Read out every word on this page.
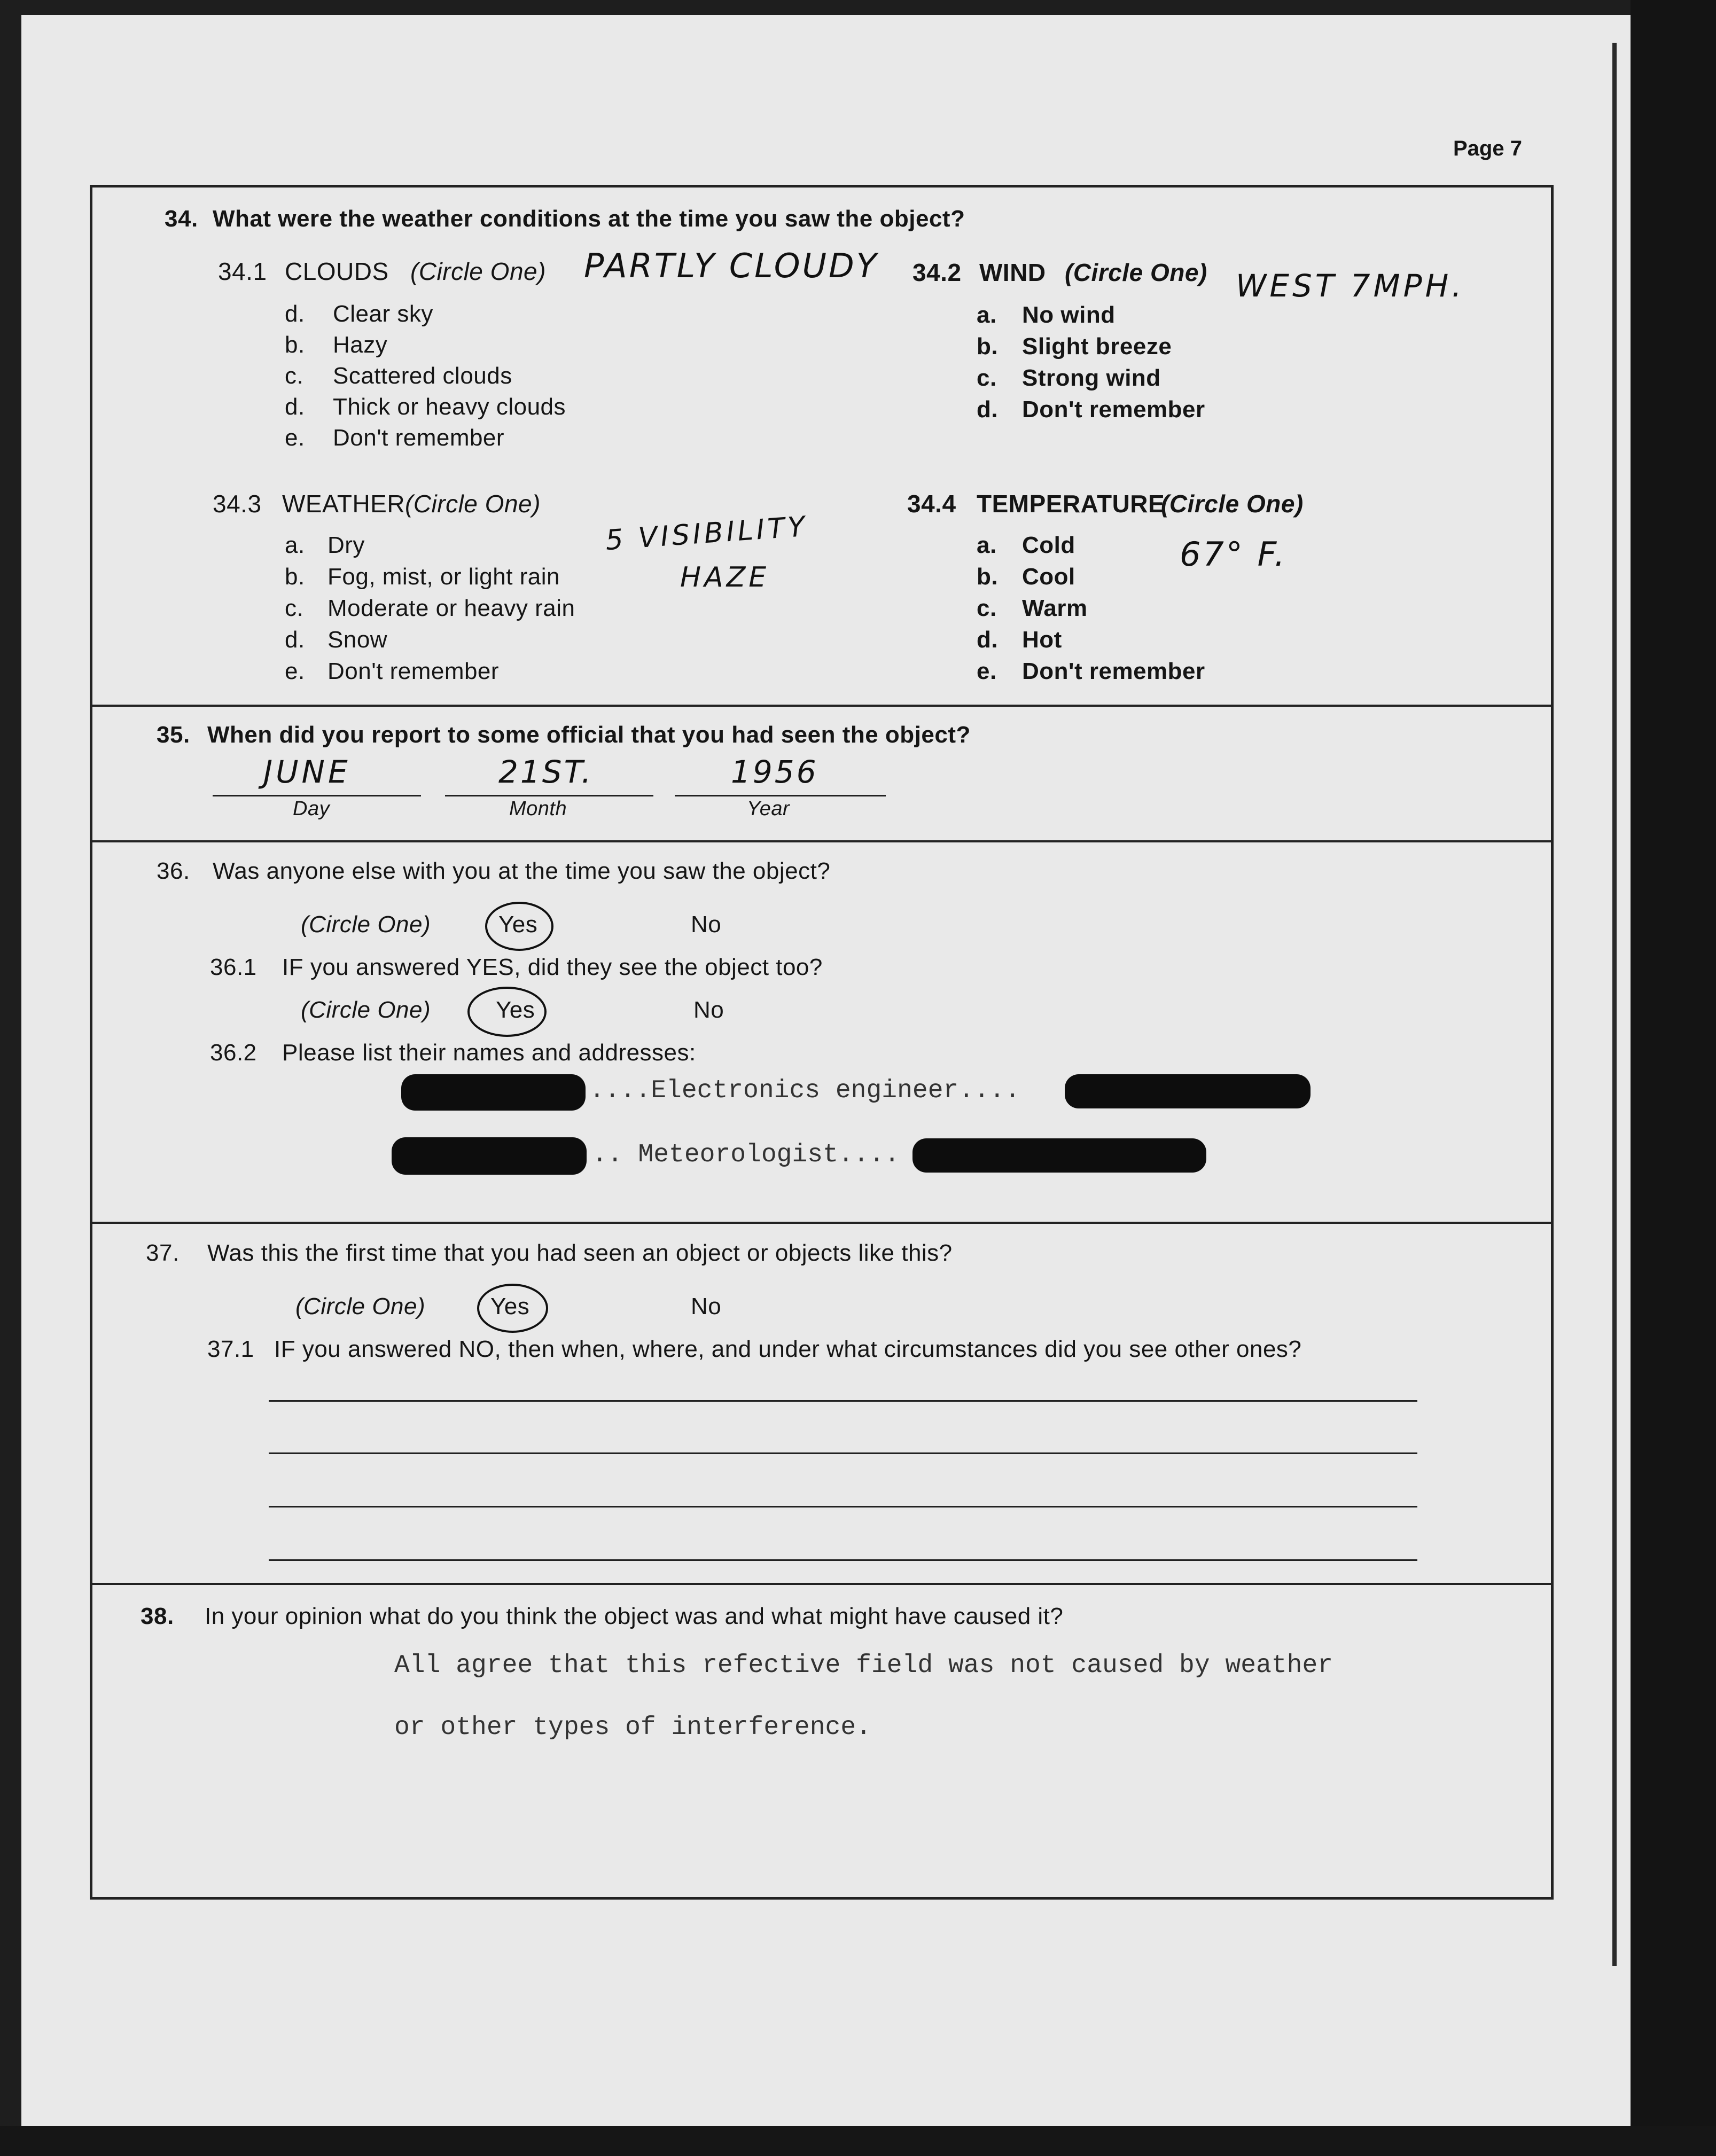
Page 7
34. What were the weather conditions at the time you saw the object?
34.1 CLOUDS (Circle One) PARTLY CLOUDY
d. Clear sky
b. Hazy
c. Scattered clouds
d. Thick or heavy clouds
e. Don't remember
34.2 WIND (Circle One) WEST 7MPH.
a. No wind
b. Slight breeze
c. Strong wind
d. Don't remember
34.3 WEATHER (Circle One)
5 VISIBILITY
HAZE
a. Dry
b. Fog, mist, or light rain
c. Moderate or heavy rain
d. Snow
e. Don't remember
34.4 TEMPERATURE
(Circle One)
67° F.
a. Cold
b. Cool
c. Warm
d. Hot
e. Don't remember
35. When did you report to some official that you had seen the object?
JUNE	21ST.	1956
Day	Month	Year
36. Was anyone else with you at the time you saw the object?
(Circle One)	Yes	No
36.1 IF you answered YES, did they see the object too?
(Circle One)	Yes	No
36.2 Please list their names and addresses:
....Electronics engineer....
.. Meteorologist....
37. Was this the first time that you had seen an object or objects like this?
(Circle One)	Yes	No
37.1 IF you answered NO, then when, where, and under what circumstances did you see other ones?
38. In your opinion what do you think the object was and what might have caused it?
All agree that this refective field was not caused by weather
or other types of interference.
